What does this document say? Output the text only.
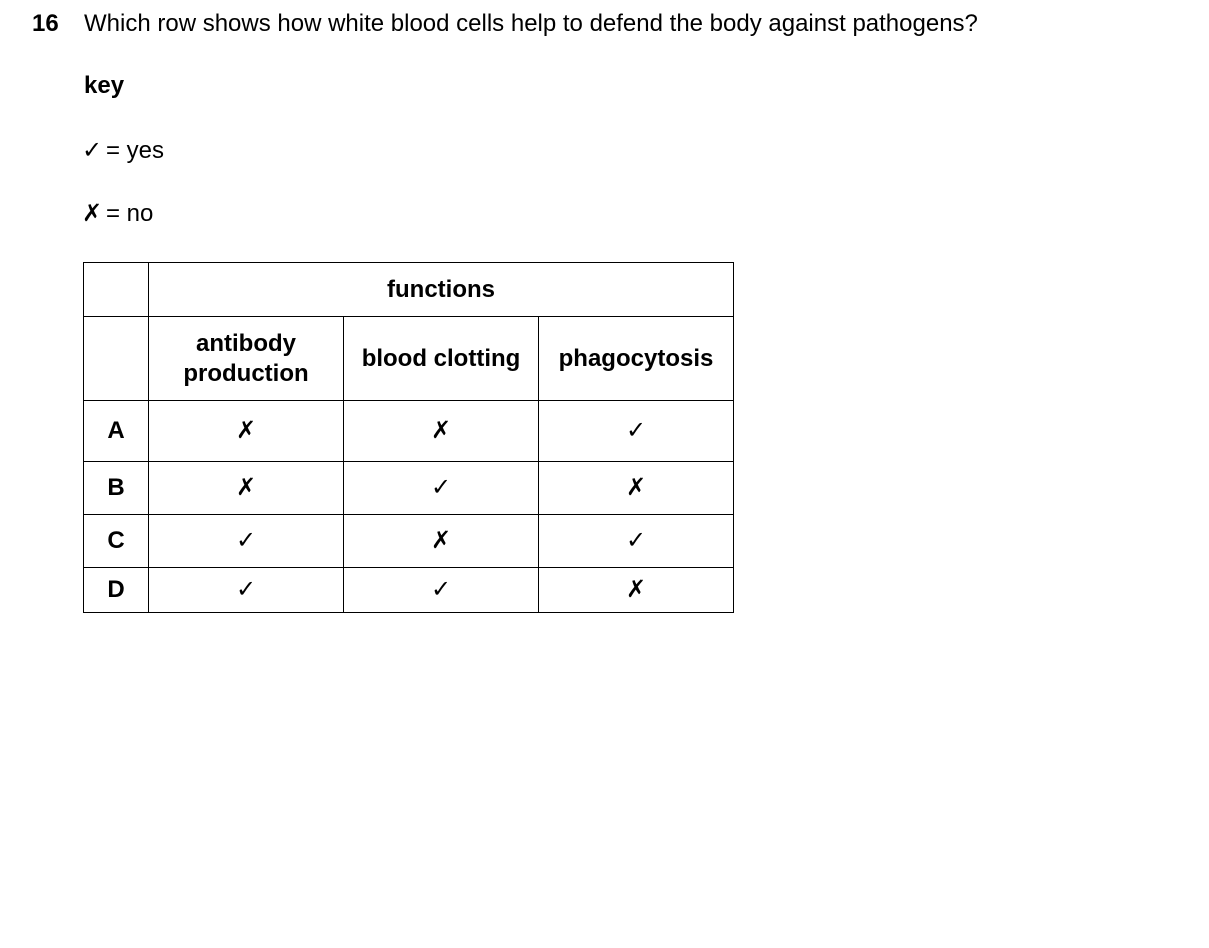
16 Which row shows how white blood cells help to defend the body against pathogens?
key
✓ = yes
✗ = no
	functions		

	antibody production	blood clotting	phagocytosis
A	✗	✗	✓
B	✗	✓	✗
C	✓	✗	✓
D	✓	✓	✗
